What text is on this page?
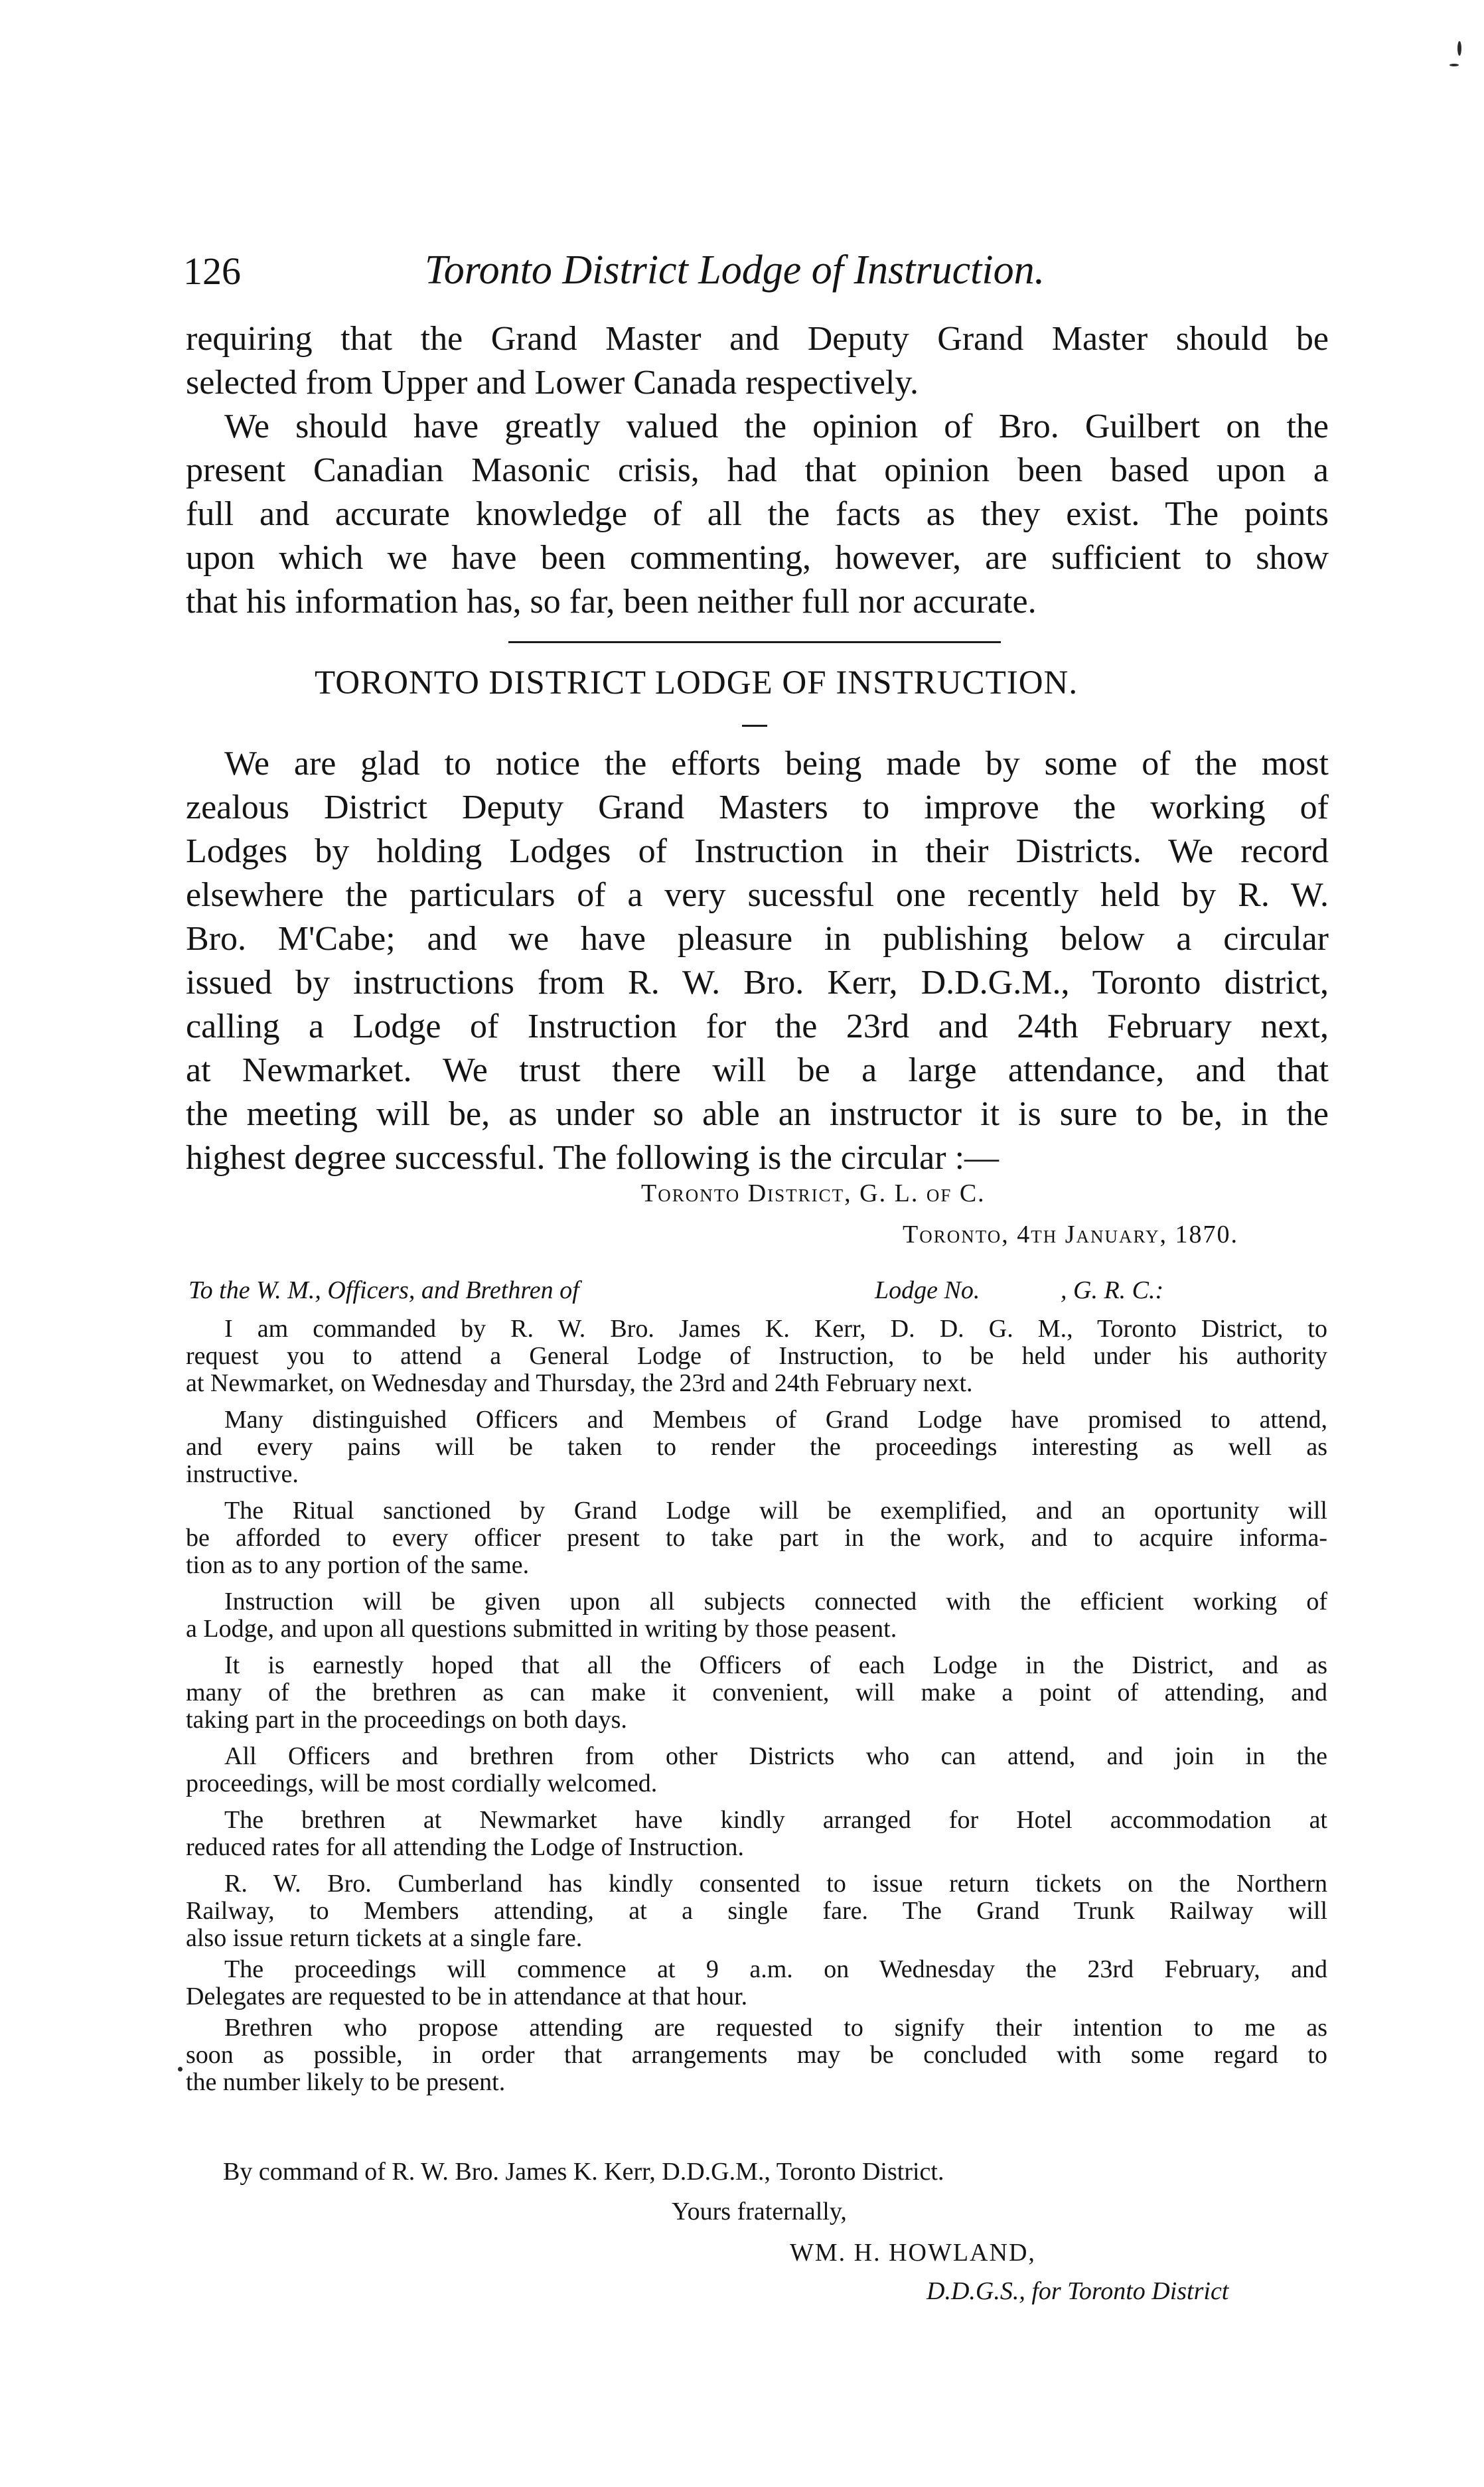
126	Toronto District Lodge of Instruction.
requiring that the Grand Master and Deputy Grand Master should be
selected from Upper and Lower Canada respectively.
We should have greatly valued the opinion of Bro. Guilbert on the
present Canadian Masonic crisis, had that opinion been based upon a
full and accurate knowledge of all the facts as they exist. The points
upon which we have been commenting, however, are sufficient to show
that his information has, so far, been neither full nor accurate.
TORONTO DISTRICT LODGE OF INSTRUCTION.
We are glad to notice the efforts being made by some of the most
zealous District Deputy Grand Masters to improve the working of
Lodges by holding Lodges of Instruction in their Districts. We record
elsewhere the particulars of a very sucessful one recently held by R. W.
Bro. M'Cabe; and we have pleasure in publishing below a circular
issued by instructions from R. W. Bro. Kerr, D.D.G.M., Toronto district,
calling a Lodge of Instruction for the 23rd and 24th February next,
at Newmarket. We trust there will be a large attendance, and that
the meeting will be, as under so able an instructor it is sure to be, in the
highest degree successful. The following is the circular :—
Toronto District, G. L. of C.
Toronto, 4th January, 1870.
To the W. M., Officers, and Brethren of	Lodge No.	, G. R. C.:
I am commanded by R. W. Bro. James K. Kerr, D. D. G. M., Toronto District, to
request you to attend a General Lodge of Instruction, to be held under his authority
at Newmarket, on Wednesday and Thursday, the 23rd and 24th February next.
Many distinguished Officers and Membeıs of Grand Lodge have promised to attend,
and every pains will be taken to render the proceedings interesting as well as
instructive.
The Ritual sanctioned by Grand Lodge will be exemplified, and an oportunity will
be afforded to every officer present to take part in the work, and to acquire informa-
tion as to any portion of the same.
Instruction will be given upon all subjects connected with the efficient working of
a Lodge, and upon all questions submitted in writing by those peasent.
It is earnestly hoped that all the Officers of each Lodge in the District, and as
many of the brethren as can make it convenient, will make a point of attending, and
taking part in the proceedings on both days.
All Officers and brethren from other Districts who can attend, and join in the
proceedings, will be most cordially welcomed.
The brethren at Newmarket have kindly arranged for Hotel accommodation at
reduced rates for all attending the Lodge of Instruction.
R. W. Bro. Cumberland has kindly consented to issue return tickets on the Northern
Railway, to Members attending, at a single fare. The Grand Trunk Railway will
also issue return tickets at a single fare.
The proceedings will commence at 9 a.m. on Wednesday the 23rd February, and
Delegates are requested to be in attendance at that hour.
Brethren who propose attending are requested to signify their intention to me as
soon as possible, in order that arrangements may be concluded with some regard to
the number likely to be present.
By command of R. W. Bro. James K. Kerr, D.D.G.M., Toronto District.
Yours fraternally,
WM. H. HOWLAND,
D.D.G.S., for Toronto District
